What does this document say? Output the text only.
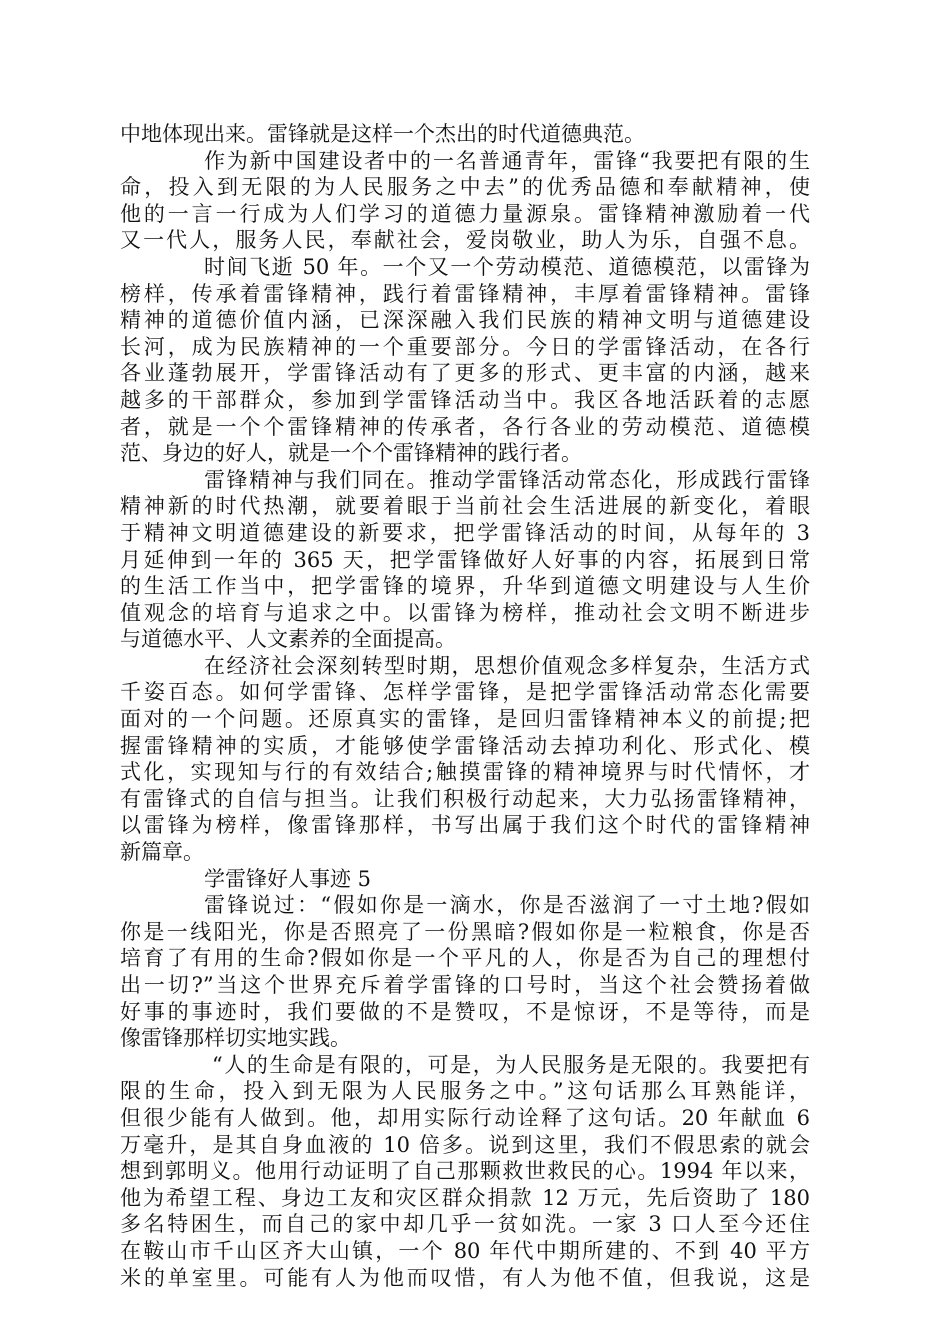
中地体现出来。雷锋就是这样一个杰出的时代道德典范。
作为新中国建设者中的一名普通青年，雷锋“我要把有限的生
命，投入到无限的为人民服务之中去”的优秀品德和奉献精神，使
他的一言一行成为人们学习的道德力量源泉。雷锋精神激励着一代
又一代人，服务人民，奉献社会，爱岗敬业，助人为乐，自强不息。
时间飞逝 50 年。一个又一个劳动模范、道德模范，以雷锋为
榜样，传承着雷锋精神，践行着雷锋精神，丰厚着雷锋精神。雷锋
精神的道德价值内涵，已深深融入我们民族的精神文明与道德建设
长河，成为民族精神的一个重要部分。今日的学雷锋活动，在各行
各业蓬勃展开，学雷锋活动有了更多的形式、更丰富的内涵，越来
越多的干部群众，参加到学雷锋活动当中。我区各地活跃着的志愿
者，就是一个个雷锋精神的传承者，各行各业的劳动模范、道德模
范、身边的好人，就是一个个雷锋精神的践行者。
雷锋精神与我们同在。推动学雷锋活动常态化，形成践行雷锋
精神新的时代热潮，就要着眼于当前社会生活进展的新变化，着眼
于精神文明道德建设的新要求，把学雷锋活动的时间，从每年的 3
月延伸到一年的 365 天，把学雷锋做好人好事的内容，拓展到日常
的生活工作当中，把学雷锋的境界，升华到道德文明建设与人生价
值观念的培育与追求之中。以雷锋为榜样，推动社会文明不断进步
与道德水平、人文素养的全面提高。
在经济社会深刻转型时期，思想价值观念多样复杂，生活方式
千姿百态。如何学雷锋、怎样学雷锋，是把学雷锋活动常态化需要
面对的一个问题。还原真实的雷锋，是回归雷锋精神本义的前提;把
握雷锋精神的实质，才能够使学雷锋活动去掉功利化、形式化、模
式化，实现知与行的有效结合;触摸雷锋的精神境界与时代情怀，才
有雷锋式的自信与担当。让我们积极行动起来，大力弘扬雷锋精神，
以雷锋为榜样，像雷锋那样，书写出属于我们这个时代的雷锋精神
新篇章。
学雷锋好人事迹 5
雷锋说过：“假如你是一滴水，你是否滋润了一寸土地?假如
你是一线阳光，你是否照亮了一份黑暗?假如你是一粒粮食，你是否
培育了有用的生命?假如你是一个平凡的人，你是否为自己的理想付
出一切?”当这个世界充斥着学雷锋的口号时，当这个社会赞扬着做
好事的事迹时，我们要做的不是赞叹，不是惊讶，不是等待，而是
像雷锋那样切实地实践。
“人的生命是有限的，可是，为人民服务是无限的。我要把有
限的生命，投入到无限为人民服务之中。”这句话那么耳熟能详，
但很少能有人做到。他，却用实际行动诠释了这句话。20 年献血 6
万毫升，是其自身血液的 10 倍多。说到这里，我们不假思索的就会
想到郭明义。他用行动证明了自己那颗救世救民的心。1994 年以来，
他为希望工程、身边工友和灾区群众捐款 12 万元，先后资助了 180
多名特困生，而自己的家中却几乎一贫如洗。一家 3 口人至今还住
在鞍山市千山区齐大山镇，一个 80 年代中期所建的、不到 40 平方
米的单室里。可能有人为他而叹惜，有人为他不值，但我说，这是
